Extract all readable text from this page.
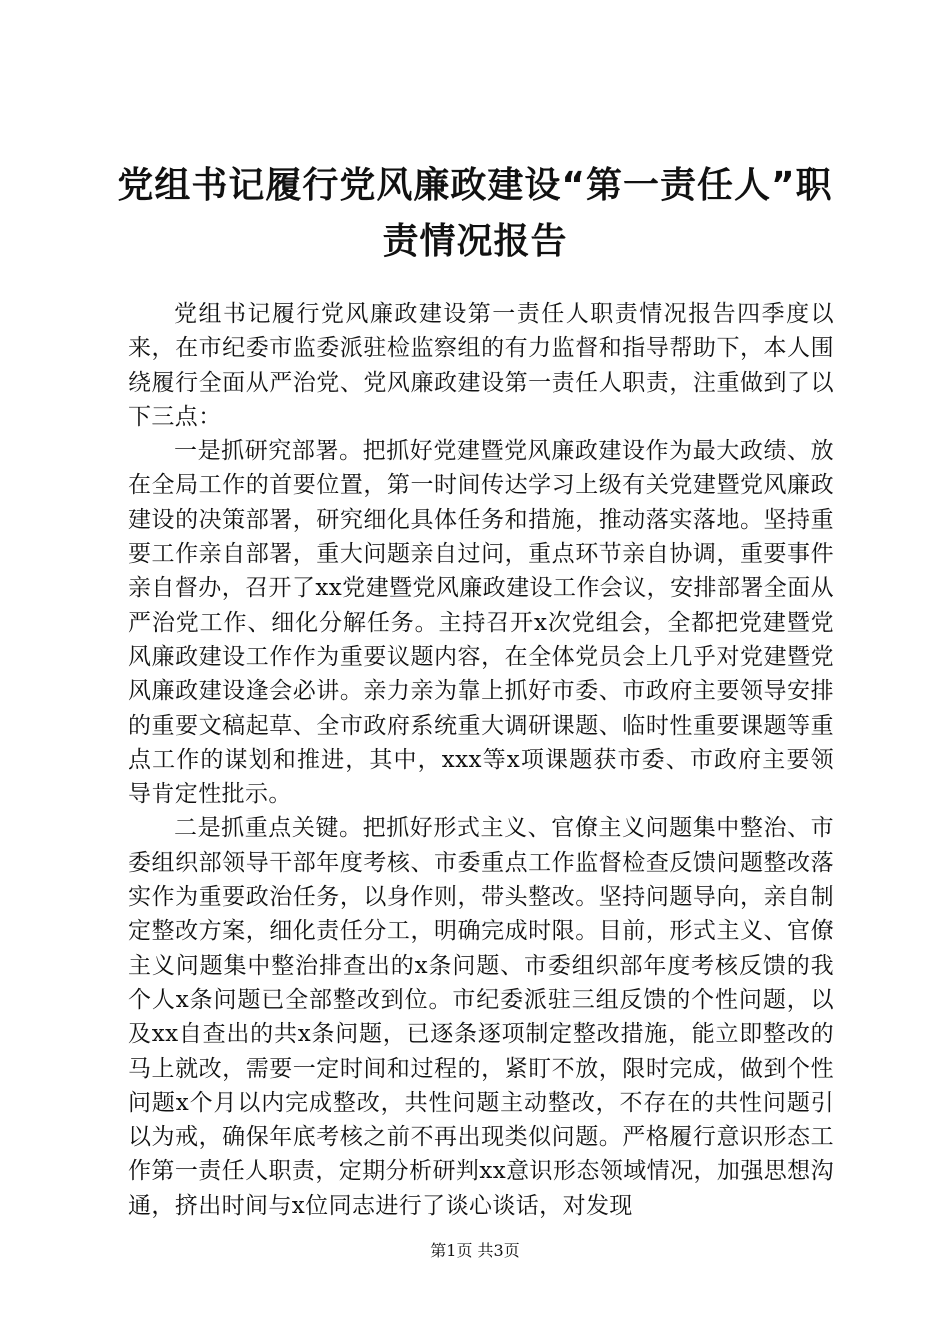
党组书记履行党风廉政建设“第一责任人”职
责情况报告

党组书记履行党风廉政建设第一责任人职责情况报告四季度以来，在市纪委市监委派驻检监察组的有力监督和指导帮助下，本人围绕履行全面从严治党、党风廉政建设第一责任人职责，注重做到了以下三点：

一是抓研究部署。把抓好党建暨党风廉政建设作为最大政绩、放在全局工作的首要位置，第一时间传达学习上级有关党建暨党风廉政建设的决策部署，研究细化具体任务和措施，推动落实落地。坚持重要工作亲自部署，重大问题亲自过问，重点环节亲自协调，重要事件亲自督办，召开了xx党建暨党风廉政建设工作会议，安排部署全面从严治党工作、细化分解任务。主持召开x次党组会，全都把党建暨党风廉政建设工作作为重要议题内容，在全体党员会上几乎对党建暨党风廉政建设逢会必讲。亲力亲为靠上抓好市委、市政府主要领导安排的重要文稿起草、全市政府系统重大调研课题、临时性重要课题等重点工作的谋划和推进，其中，xxx等x项课题获市委、市政府主要领导肯定性批示。

二是抓重点关键。把抓好形式主义、官僚主义问题集中整治、市委组织部领导干部年度考核、市委重点工作监督检查反馈问题整改落实作为重要政治任务，以身作则，带头整改。坚持问题导向，亲自制定整改方案，细化责任分工，明确完成时限。目前，形式主义、官僚主义问题集中整治排查出的x条问题、市委组织部年度考核反馈的我个人x条问题已全部整改到位。市纪委派驻三组反馈的个性问题，以及xx自查出的共x条问题，已逐条逐项制定整改措施，能立即整改的马上就改，需要一定时间和过程的，紧盯不放，限时完成，做到个性问题x个月以内完成整改，共性问题主动整改，不存在的共性问题引以为戒，确保年底考核之前不再出现类似问题。严格履行意识形态工作第一责任人职责，定期分析研判xx意识形态领域情况，加强思想沟通，挤出时间与x位同志进行了谈心谈话，对发现

第1页 共3页
